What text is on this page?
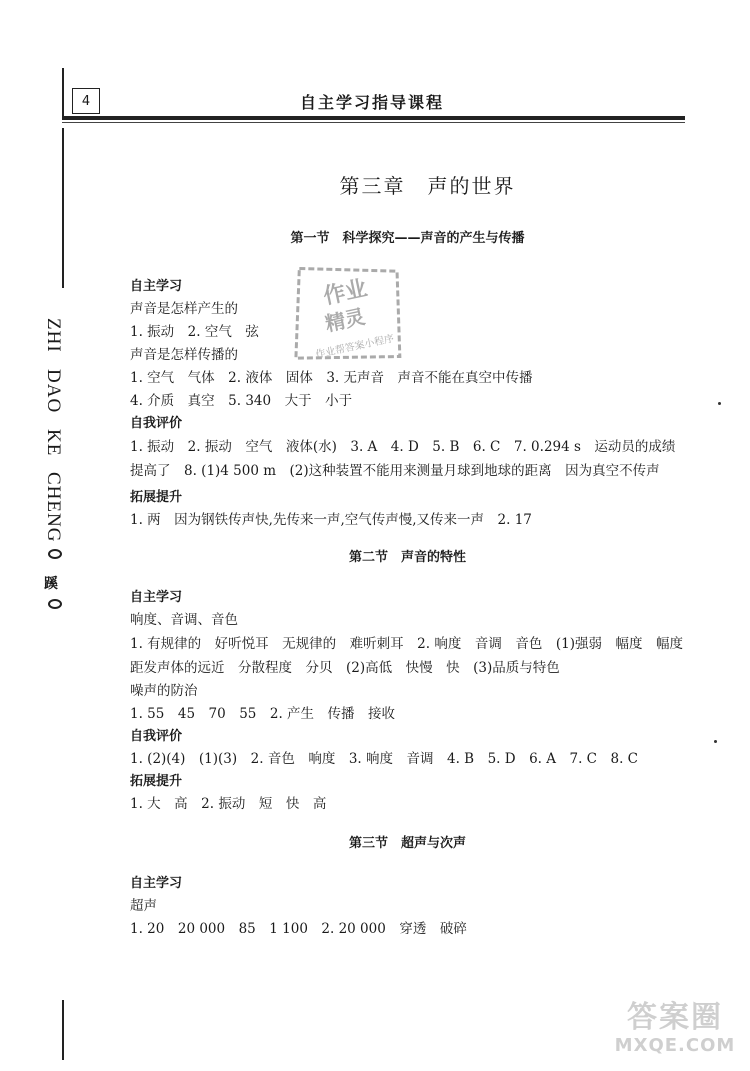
4	自主学习指导课程
ZHI
DAO
KE
CHENG
蹊
作业
精灵
作业帮答案小程序
第三章　声的世界
第一节　科学探究——声音的产生与传播
自主学习

声音是怎样产生的

1. 振动　2. 空气　弦

声音是怎样传播的

1. 空气　气体　2. 液体　固体　3. 无声音　声音不能在真空中传播

4. 介质　真空　5. 340　大于　小于

自我评价

1. 振动　2. 振动　空气　液体(水)　3. A　4. D　5. B　6. C　7. 0.294 s　运动员的成绩提高了　8. (1)4 500 m　(2)这种装置不能用来测量月球到地球的距离　因为真空不传声

拓展提升

1. 两　因为钢铁传声快,先传来一声,空气传声慢,又传来一声　2. 17

第二节　声音的特性
自主学习

响度、音调、音色

1. 有规律的　好听悦耳　无规律的　难听刺耳　2. 响度　音调　音色　(1)强弱　幅度　幅度　距发声体的远近　分散程度　分贝　(2)高低　快慢　快　(3)品质与特色

噪声的防治

1. 55　45　70　55　2. 产生　传播　接收

自我评价

1. (2)(4)　(1)(3)　2. 音色　响度　3. 响度　音调　4. B　5. D　6. A　7. C　8. C

拓展提升

1. 大　高　2. 振动　短　快　高

第三节　超声与次声
自主学习

超声

1. 20　20 000　85　1 100　2. 20 000　穿透　破碎

答案圈
MXQE.COM
